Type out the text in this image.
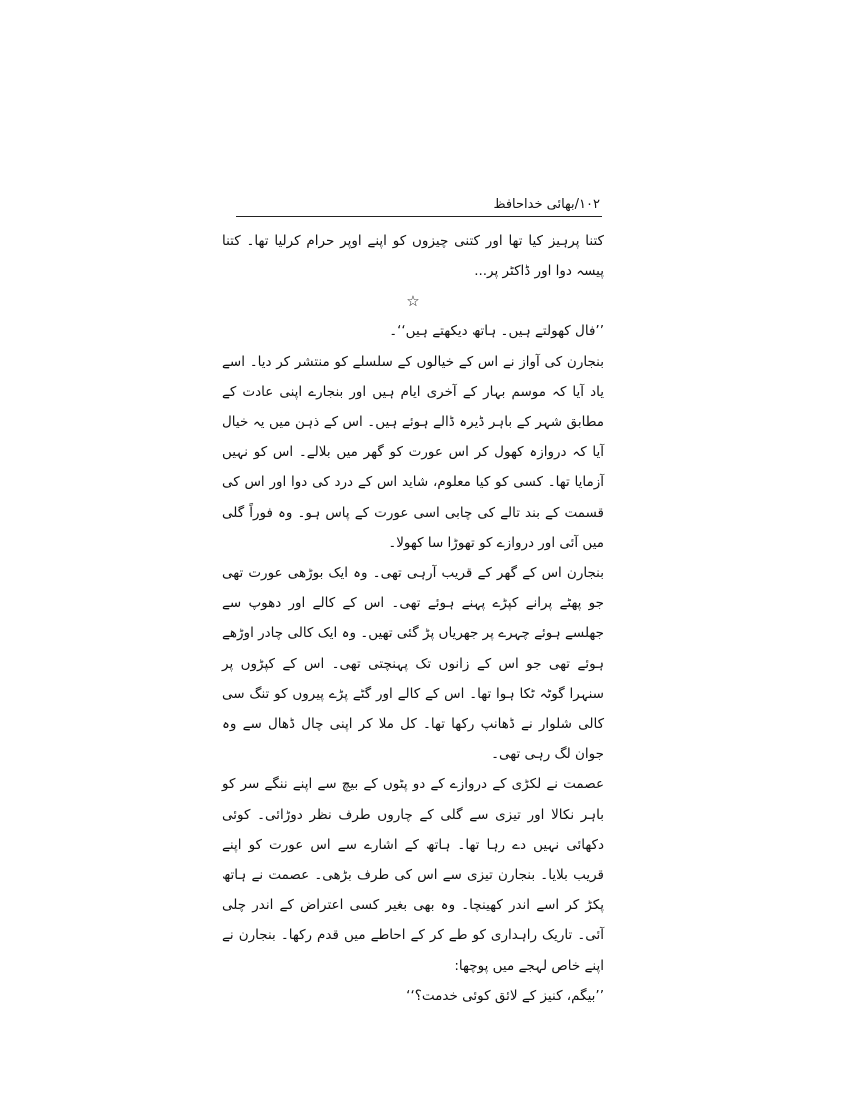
۱۰۲/بھائی خداحافظ

کتنا پرہیز کیا تھا اور کتنی چیزوں کو اپنے اوپر حرام کرلیا تھا۔ کتنا پیسہ دوا اور ڈاکٹر پر...

☆

’’فال کھولتے ہیں۔ ہاتھ دیکھتے ہیں‘‘۔

بنجارن کی آواز نے اس کے خیالوں کے سلسلے کو منتشر کر دیا۔ اسے یاد آیا کہ موسم بہار کے آخری ایام ہیں اور بنجارے اپنی عادت کے مطابق شہر کے باہر ڈیرہ ڈالے ہوئے ہیں۔ اس کے ذہن میں یہ خیال آیا کہ دروازہ کھول کر اس عورت کو گھر میں بلالے۔ اس کو نہیں آزمایا تھا۔ کسی کو کیا معلوم، شاید اس کے درد کی دوا اور اس کی قسمت کے بند تالے کی چابی اسی عورت کے پاس ہو۔ وہ فوراً گلی میں آئی اور دروازے کو تھوڑا سا کھولا۔

بنجارن اس کے گھر کے قریب آرہی تھی۔ وہ ایک بوڑھی عورت تھی جو پھٹے پرانے کپڑے پہنے ہوئے تھی۔ اس کے کالے اور دھوپ سے جھلسے ہوئے چہرے پر جھریاں پڑ گئی تھیں۔ وہ ایک کالی چادر اوڑھے ہوئے تھی جو اس کے زانوں تک پہنچتی تھی۔ اس کے کپڑوں پر سنہرا گوٹہ ٹکا ہوا تھا۔ اس کے کالے اور گٹے پڑے پیروں کو تنگ سی کالی شلوار نے ڈھانپ رکھا تھا۔ کل ملا کر اپنی چال ڈھال سے وہ جوان لگ رہی تھی۔

عصمت نے لکڑی کے دروازے کے دو پٹوں کے بیچ سے اپنے ننگے سر کو باہر نکالا اور تیزی سے گلی کے چاروں طرف نظر دوڑائی۔ کوئی دکھائی نہیں دے رہا تھا۔ ہاتھ کے اشارے سے اس عورت کو اپنے قریب بلایا۔ بنجارن تیزی سے اس کی طرف بڑھی۔ عصمت نے ہاتھ پکڑ کر اسے اندر کھینچا۔ وہ بھی بغیر کسی اعتراض کے اندر چلی آئی۔ تاریک راہداری کو طے کر کے احاطے میں قدم رکھا۔ بنجارن نے اپنے خاص لہجے میں پوچھا:

’’بیگم، کنیز کے لائق کوئی خدمت؟‘‘
